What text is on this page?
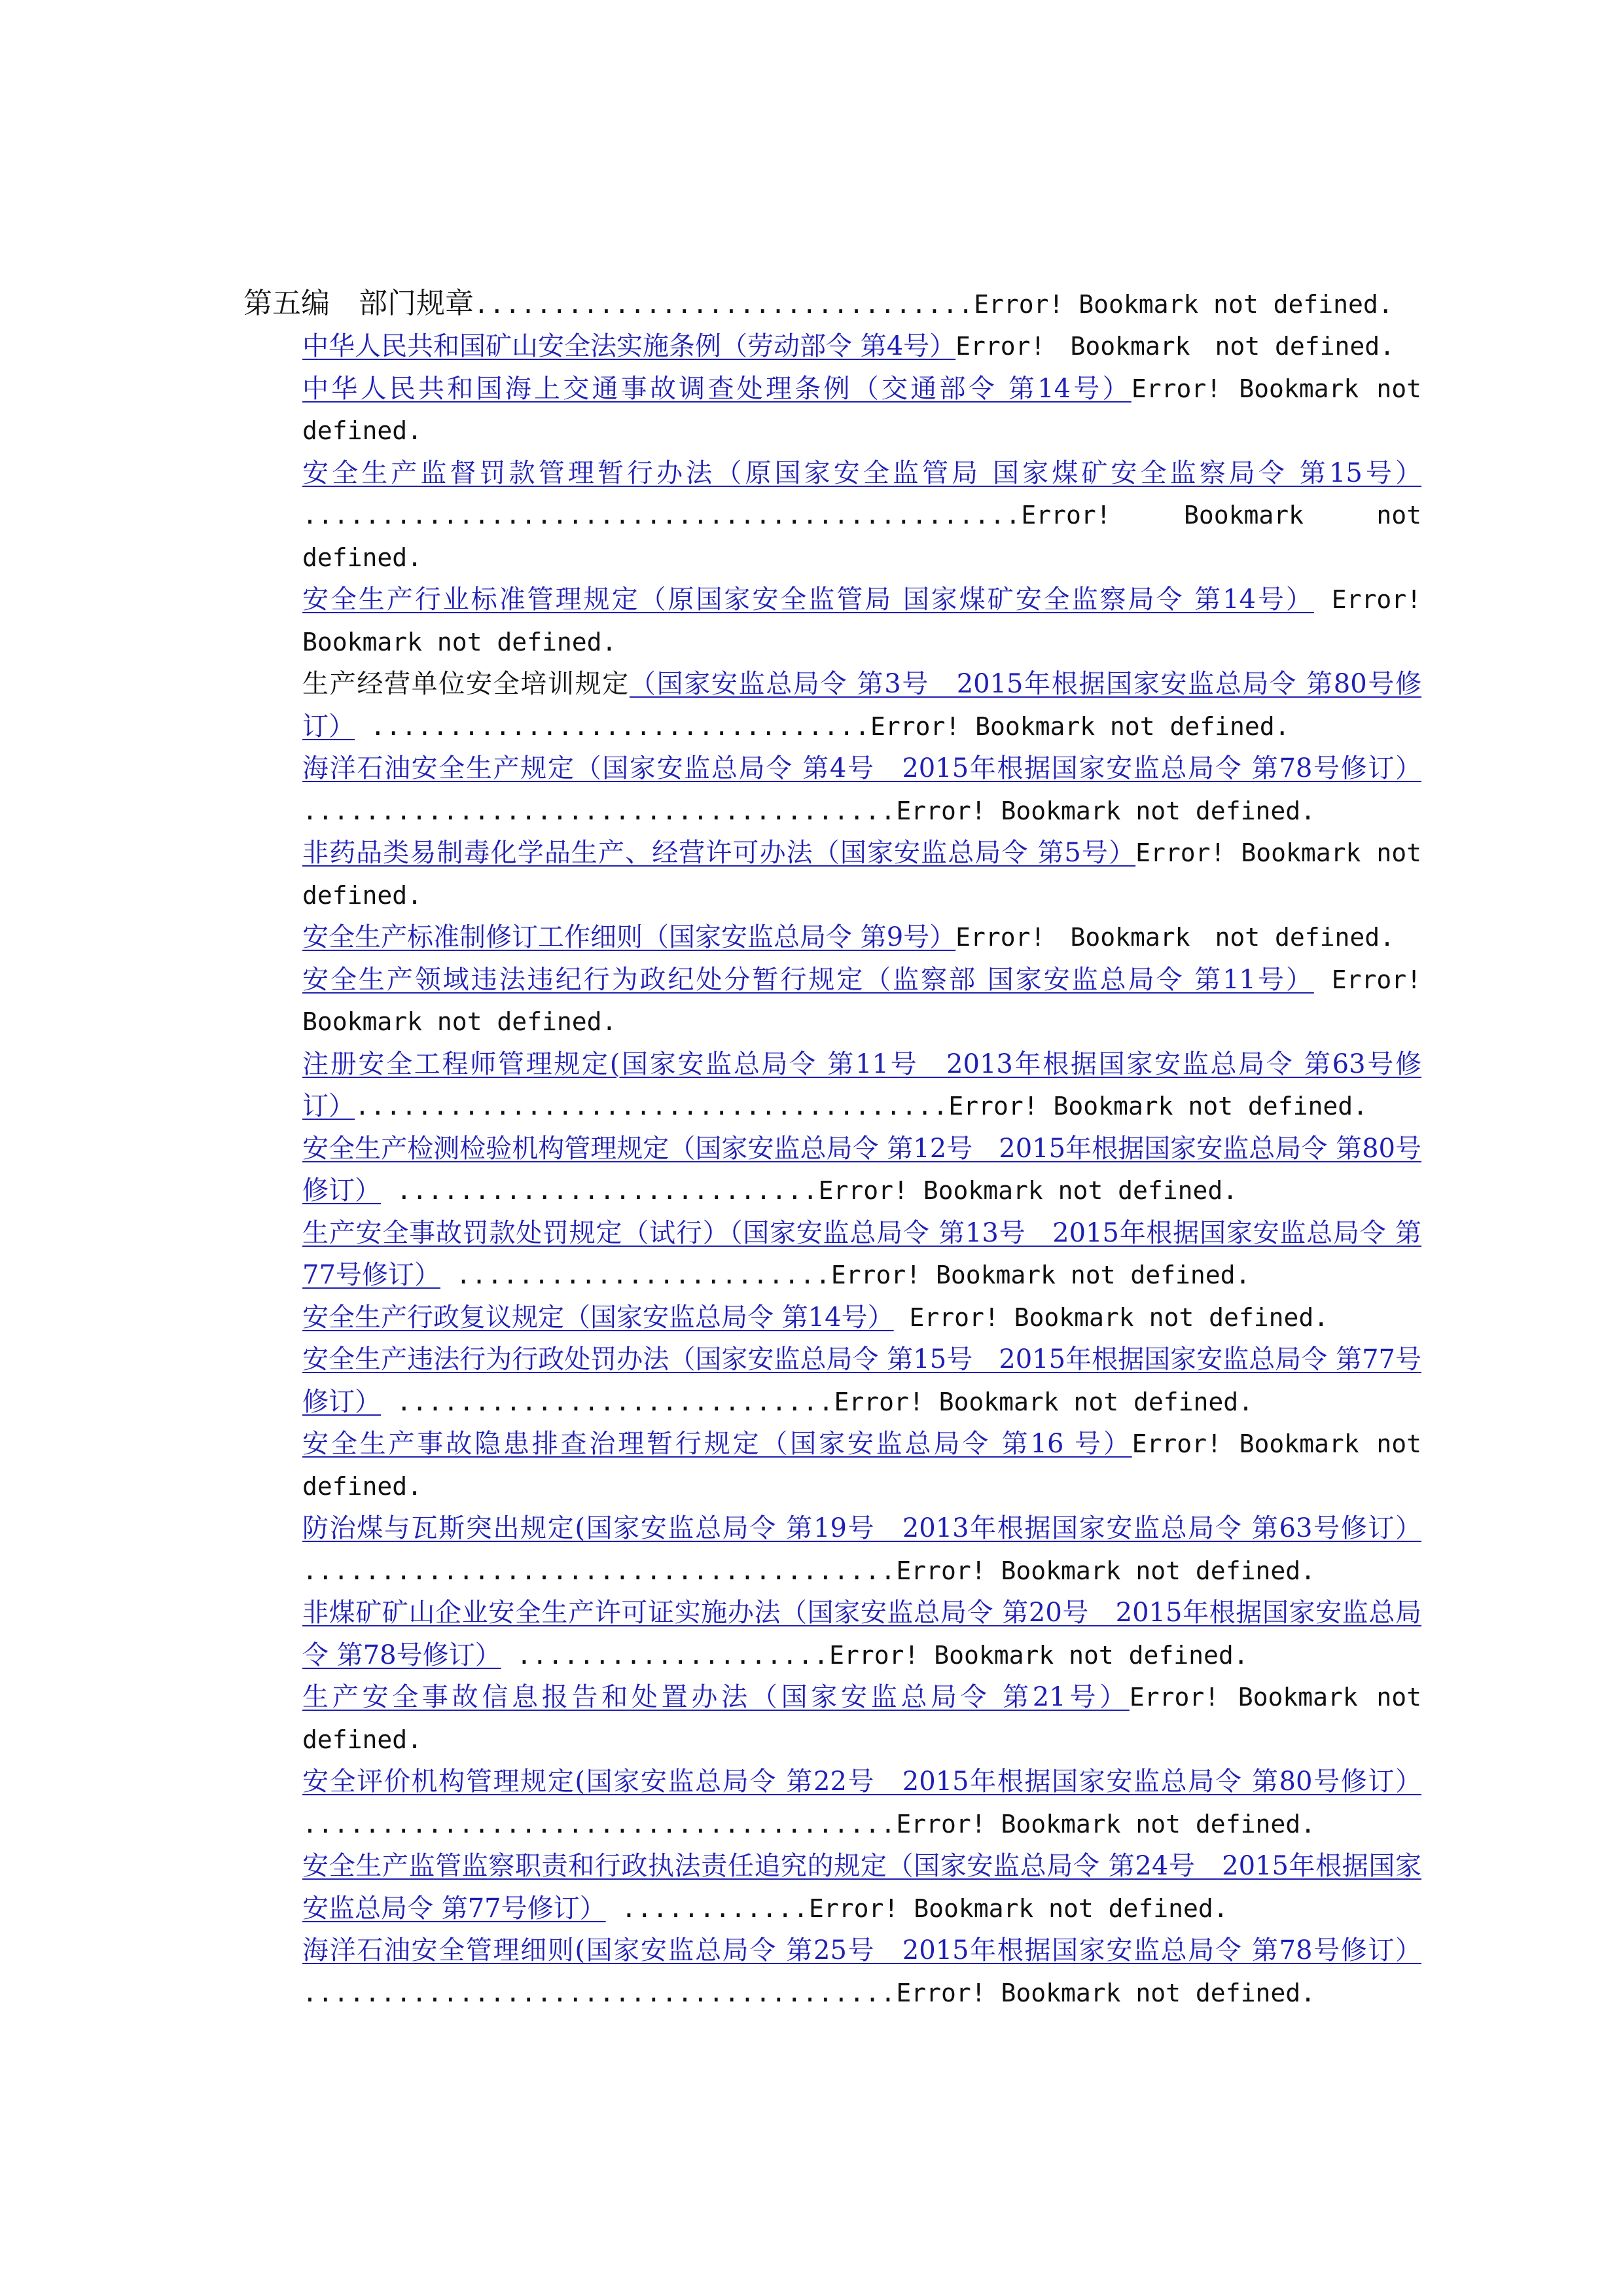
第五编　部门规章................................Error! Bookmark not defined.
中华人民共和国矿山安全法实施条例（劳动部令 第4号）Error!　Bookmark　not defined.
中华人民共和国海上交通事故调查处理条例（交通部令 第14号）Error! Bookmark not defined.
安全生产监督罚款管理暂行办法（原国家安全监管局 国家煤矿安全监察局令 第15号） ..............................................Error! Bookmark not defined.
安全生产行业标准管理规定（原国家安全监管局 国家煤矿安全监察局令 第14号） Error! Bookmark not defined.
生产经营单位安全培训规定（国家安监总局令 第3号　2015年根据国家安监总局令 第80号修订） ................................Error! Bookmark not defined.
海洋石油安全生产规定（国家安监总局令 第4号　2015年根据国家安监总局令 第78号修订） ......................................Error! Bookmark not defined.
非药品类易制毒化学品生产、经营许可办法（国家安监总局令 第5号）Error! Bookmark not defined.
安全生产标准制修订工作细则（国家安监总局令 第9号）Error!　Bookmark　not defined.
安全生产领域违法违纪行为政纪处分暂行规定（监察部 国家安监总局令 第11号） Error! Bookmark not defined.
注册安全工程师管理规定(国家安监总局令 第11号　2013年根据国家安监总局令 第63号修订）......................................Error! Bookmark not defined.
安全生产检测检验机构管理规定（国家安监总局令 第12号　2015年根据国家安监总局令 第80号修订） ...........................Error! Bookmark not defined.
生产安全事故罚款处罚规定（试行）（国家安监总局令 第13号　2015年根据国家安监总局令 第77号修订） ........................Error! Bookmark not defined.
安全生产行政复议规定（国家安监总局令 第14号） Error! Bookmark not defined.
安全生产违法行为行政处罚办法（国家安监总局令 第15号　2015年根据国家安监总局令 第77号修订） ............................Error! Bookmark not defined.
安全生产事故隐患排查治理暂行规定（国家安监总局令 第16 号）Error! Bookmark not defined.
防治煤与瓦斯突出规定(国家安监总局令 第19号　2013年根据国家安监总局令 第63号修订） ......................................Error! Bookmark not defined.
非煤矿矿山企业安全生产许可证实施办法（国家安监总局令 第20号　2015年根据国家安监总局令 第78号修订） ....................Error! Bookmark not defined.
生产安全事故信息报告和处置办法（国家安监总局令 第21号）Error! Bookmark not defined.
安全评价机构管理规定(国家安监总局令 第22号　2015年根据国家安监总局令 第80号修订） ......................................Error! Bookmark not defined.
安全生产监管监察职责和行政执法责任追究的规定（国家安监总局令 第24号　2015年根据国家安监总局令 第77号修订） ............Error! Bookmark not defined.
海洋石油安全管理细则(国家安监总局令 第25号　2015年根据国家安监总局令 第78号修订） ......................................Error! Bookmark not defined.
